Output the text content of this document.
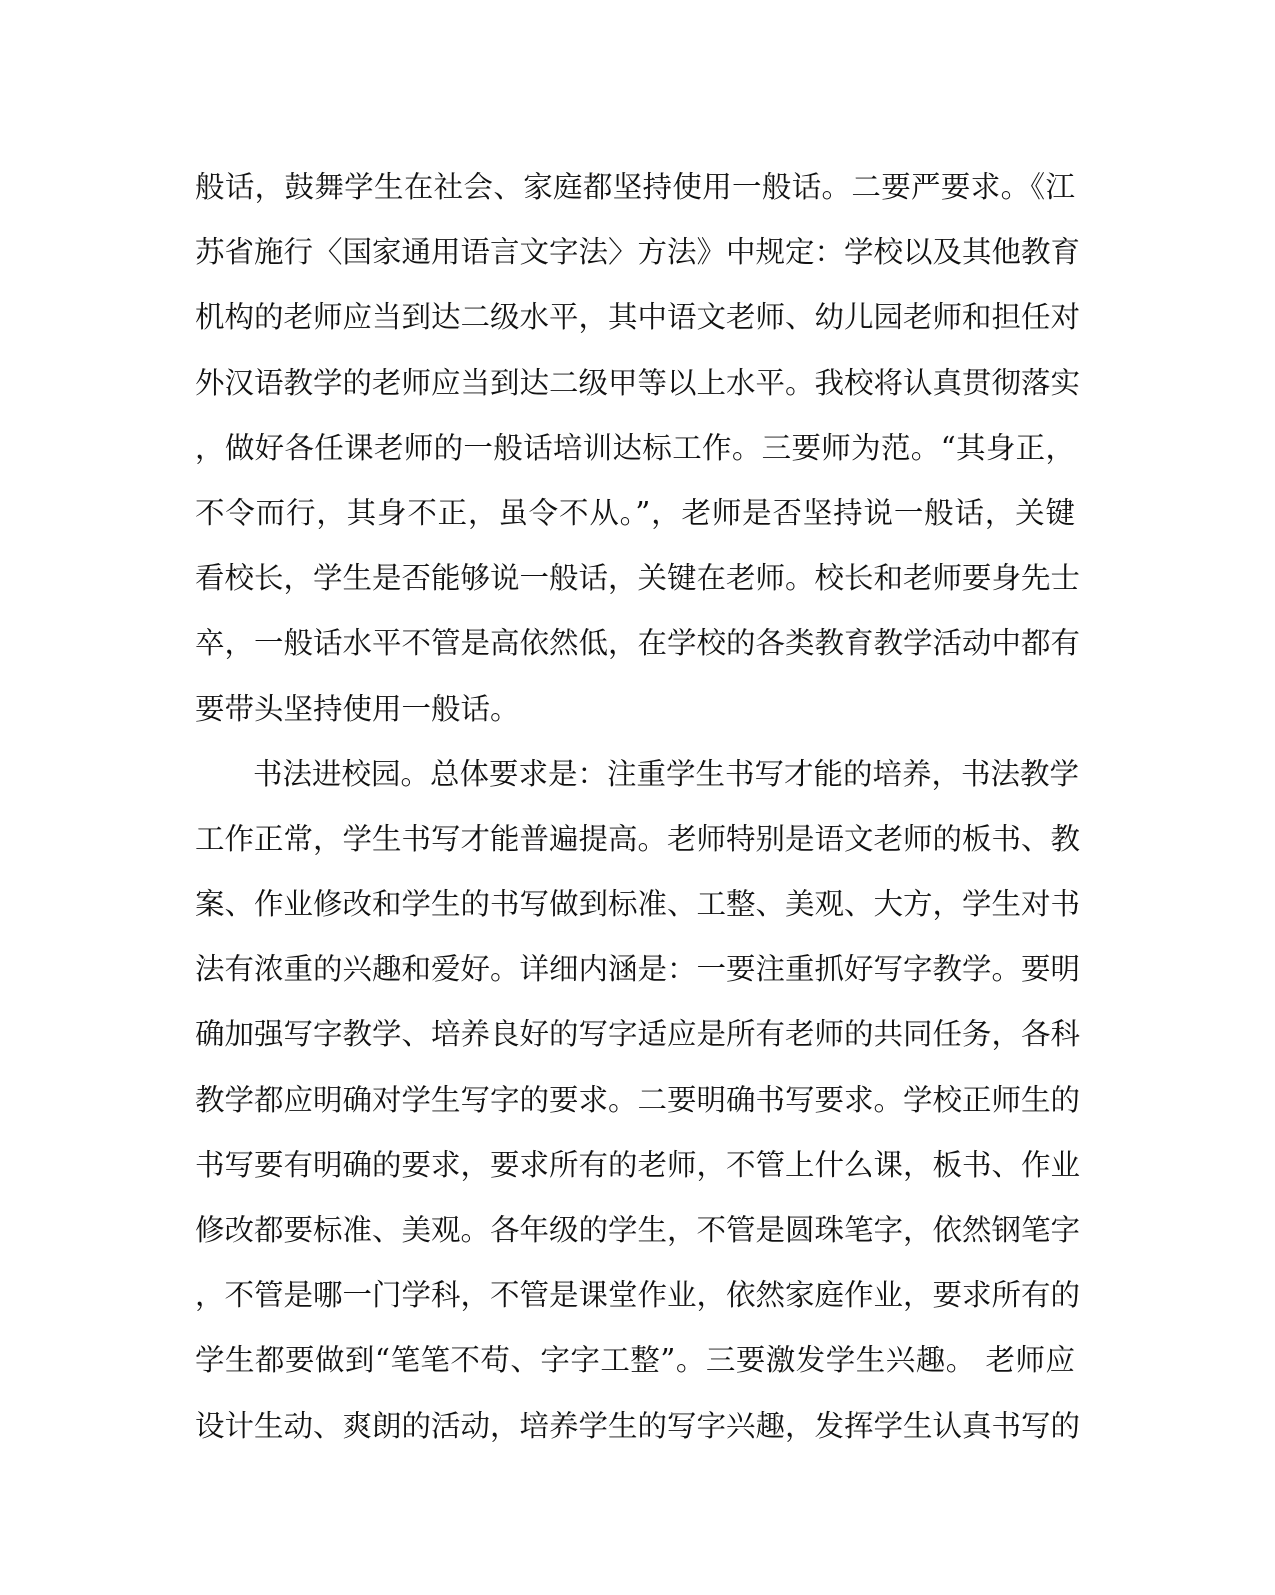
般话，鼓舞学生在社会、家庭都坚持使用一般话。二要严要求。《江
苏省施行〈国家通用语言文字法〉方法》中规定：学校以及其他教育
机构的老师应当到达二级水平，其中语文老师、幼儿园老师和担任对
外汉语教学的老师应当到达二级甲等以上水平。我校将认真贯彻落实
，做好各任课老师的一般话培训达标工作。三要师为范。“其身正，
不令而行，其身不正，虽令不从。”，老师是否坚持说一般话，关键
看校长，学生是否能够说一般话，关键在老师。校长和老师要身先士
卒，一般话水平不管是高依然低，在学校的各类教育教学活动中都有
要带头坚持使用一般话。
书法进校园。总体要求是：注重学生书写才能的培养，书法教学
工作正常，学生书写才能普遍提高。老师特别是语文老师的板书、教
案、作业修改和学生的书写做到标准、工整、美观、大方，学生对书
法有浓重的兴趣和爱好。详细内涵是：一要注重抓好写字教学。要明
确加强写字教学、培养良好的写字适应是所有老师的共同任务，各科
教学都应明确对学生写字的要求。二要明确书写要求。学校正师生的
书写要有明确的要求，要求所有的老师，不管上什么课，板书、作业
修改都要标准、美观。各年级的学生，不管是圆珠笔字，依然钢笔字
，不管是哪一门学科，不管是课堂作业，依然家庭作业，要求所有的
学生都要做到“笔笔不苟、字字工整”。三要激发学生兴趣。 老师应
设计生动、爽朗的活动，培养学生的写字兴趣，发挥学生认真书写的
